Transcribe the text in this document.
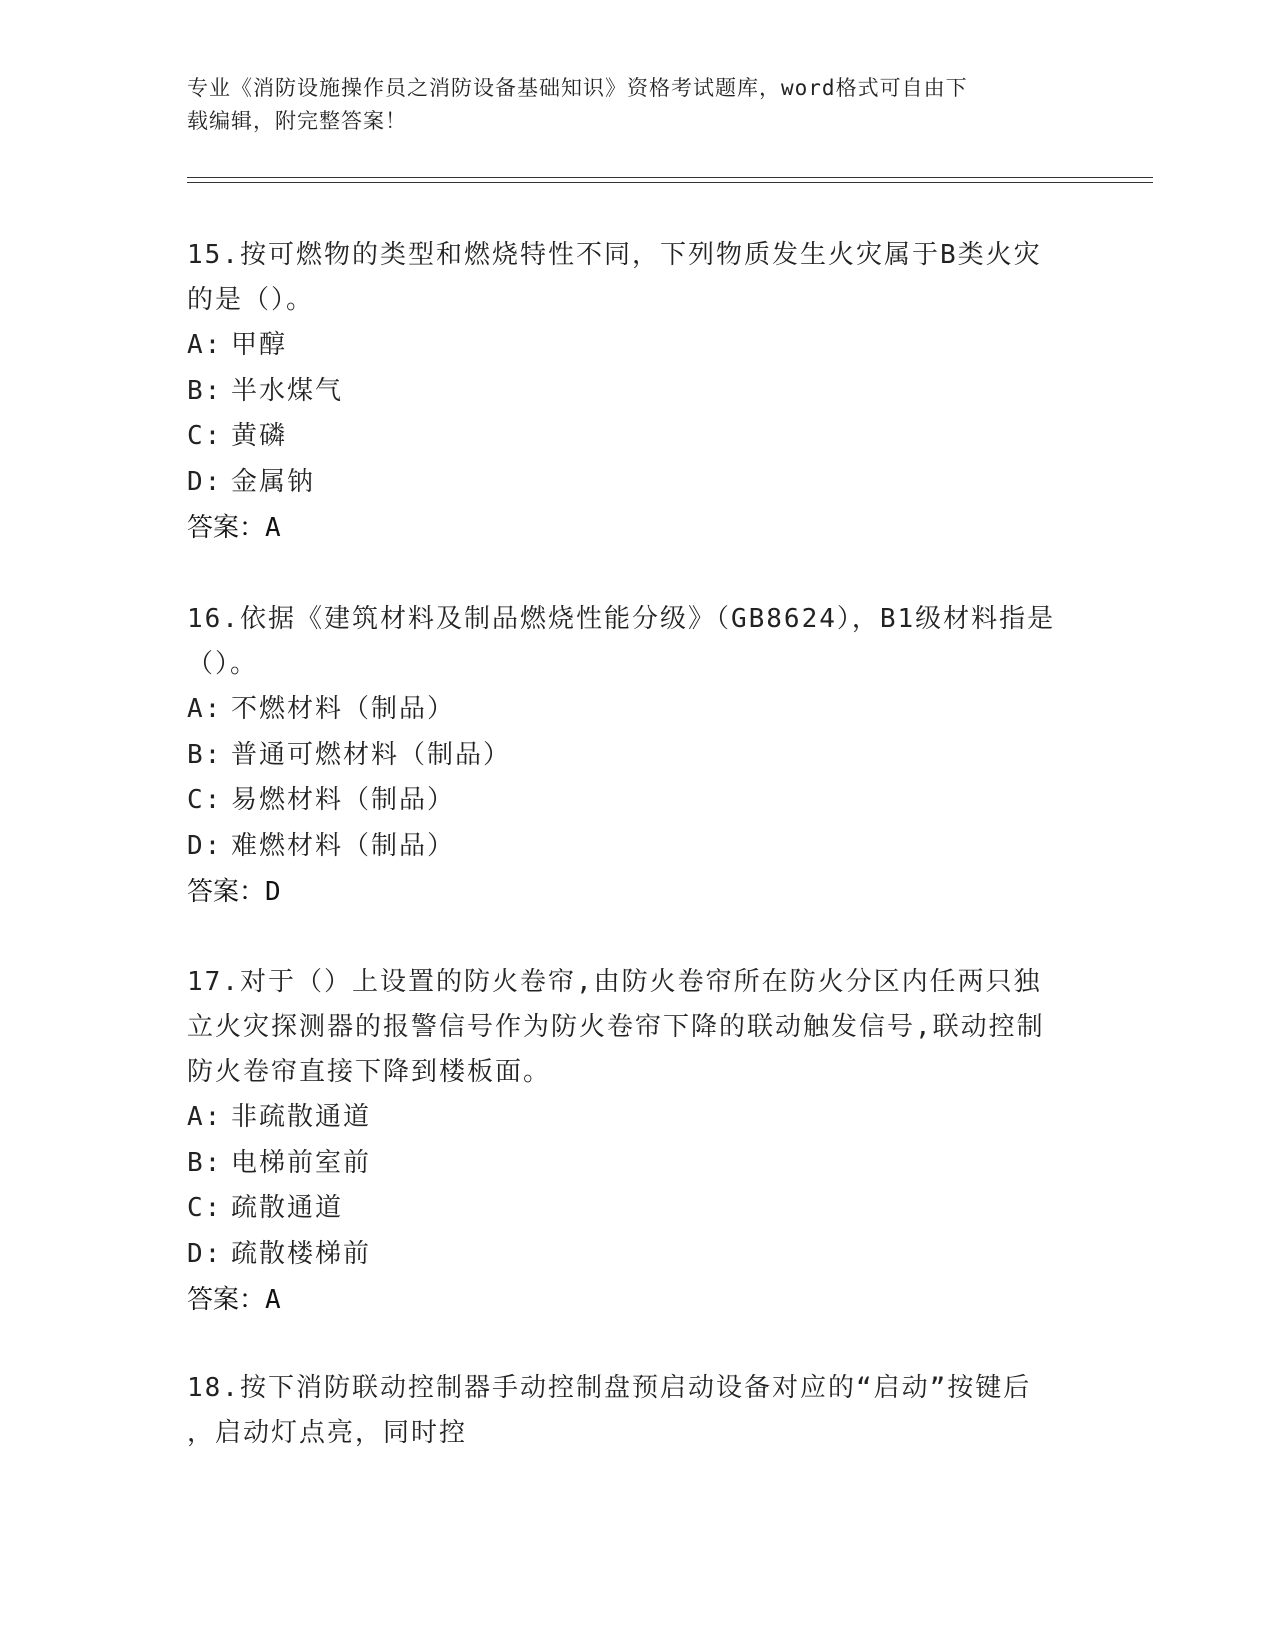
专业《消防设施操作员之消防设备基础知识》资格考试题库，word格式可自由下
载编辑，附完整答案！
15.按可燃物的类型和燃烧特性不同，下列物质发生火灾属于B类火灾
的是（）。
A: 甲醇
B: 半水煤气
C: 黄磷
D: 金属钠
答案：A
16.依据《建筑材料及制品燃烧性能分级》（GB8624），B1级材料指是
（）。
A: 不燃材料（制品）
B: 普通可燃材料（制品）
C: 易燃材料（制品）
D: 难燃材料（制品）
答案：D
17.对于（）上设置的防火卷帘,由防火卷帘所在防火分区内任两只独
立火灾探测器的报警信号作为防火卷帘下降的联动触发信号,联动控制
防火卷帘直接下降到楼板面。
A: 非疏散通道
B: 电梯前室前
C: 疏散通道
D: 疏散楼梯前
答案：A
18.按下消防联动控制器手动控制盘预启动设备对应的“启动”按键后
，启动灯点亮，同时控
